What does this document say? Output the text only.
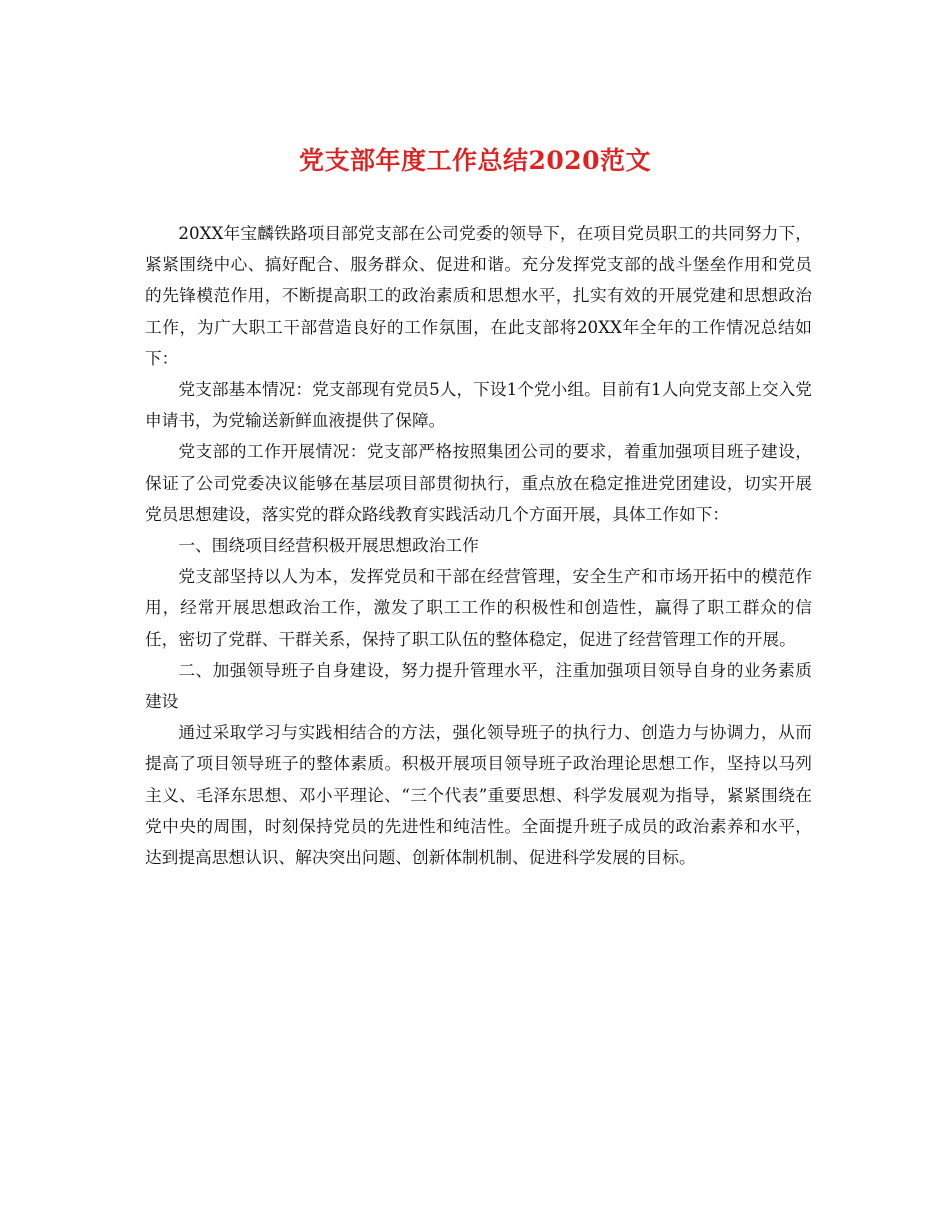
党支部年度工作总结2020范文

20XX年宝麟铁路项目部党支部在公司党委的领导下，在项目党员职工的共同努力下，紧紧围绕中心、搞好配合、服务群众、促进和谐。充分发挥党支部的战斗堡垒作用和党员的先锋模范作用，不断提高职工的政治素质和思想水平，扎实有效的开展党建和思想政治工作，为广大职工干部营造良好的工作氛围，在此支部将20XX年全年的工作情况总结如下：

党支部基本情况：党支部现有党员5人，下设1个党小组。目前有1人向党支部上交入党申请书，为党输送新鲜血液提供了保障。

党支部的工作开展情况：党支部严格按照集团公司的要求，着重加强项目班子建设，保证了公司党委决议能够在基层项目部贯彻执行，重点放在稳定推进党团建设，切实开展党员思想建设，落实党的群众路线教育实践活动几个方面开展，具体工作如下：

一、围绕项目经营积极开展思想政治工作

党支部坚持以人为本，发挥党员和干部在经营管理，安全生产和市场开拓中的模范作用，经常开展思想政治工作，激发了职工工作的积极性和创造性，赢得了职工群众的信任，密切了党群、干群关系，保持了职工队伍的整体稳定，促进了经营管理工作的开展。

二、加强领导班子自身建设，努力提升管理水平，注重加强项目领导自身的业务素质建设

通过采取学习与实践相结合的方法，强化领导班子的执行力、创造力与协调力，从而提高了项目领导班子的整体素质。积极开展项目领导班子政治理论思想工作，坚持以马列主义、毛泽东思想、邓小平理论、“三个代表”重要思想、科学发展观为指导，紧紧围绕在党中央的周围，时刻保持党员的先进性和纯洁性。全面提升班子成员的政治素养和水平，达到提高思想认识、解决突出问题、创新体制机制、促进科学发展的目标。
